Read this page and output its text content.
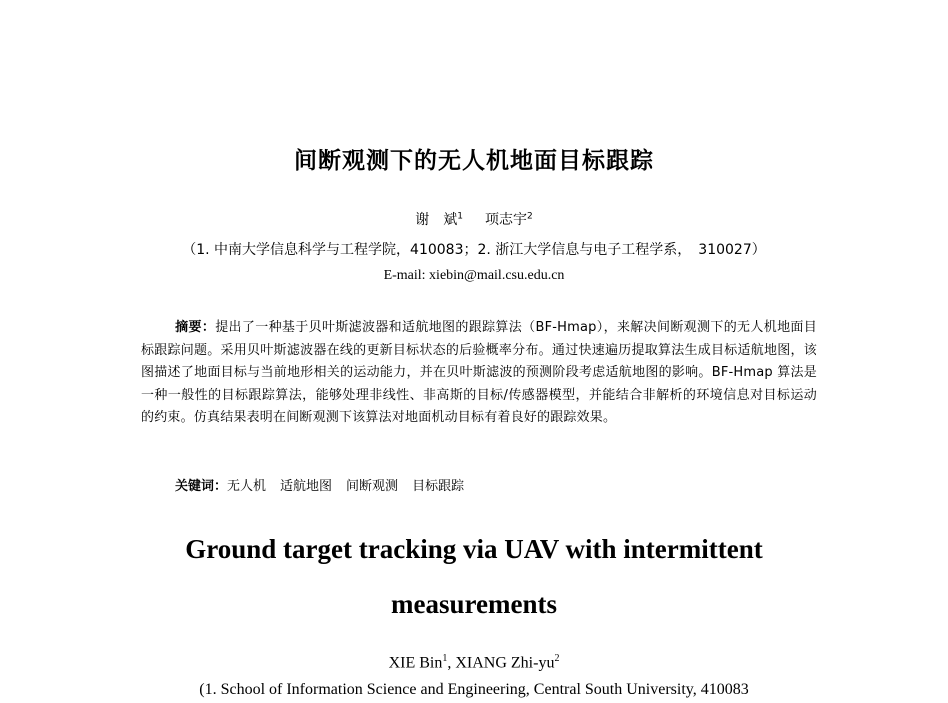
间断观测下的无人机地面目标跟踪
谢　斌$^1$ 项志宇$^2$
（1. 中南大学信息科学与工程学院，410083；2. 浙江大学信息与电子工程学系，　310027）
E-mail: xiebin@mail.csu.edu.cn
摘要：提出了一种基于贝叶斯滤波器和适航地图的跟踪算法（BF-Hmap），来解决间断观测下的无人机地面目标跟踪问题。采用贝叶斯滤波器在线的更新目标状态的后验概率分布。通过快速遍历提取算法生成目标适航地图，该图描述了地面目标与当前地形相关的运动能力，并在贝叶斯滤波的预测阶段考虑适航地图的影响。BF-Hmap 算法是一种一般性的目标跟踪算法，能够处理非线性、非高斯的目标/传感器模型，并能结合非解析的环境信息对目标运动的约束。仿真结果表明在间断观测下该算法对地面机动目标有着良好的跟踪效果。
关键词：无人机 适航地图 间断观测 目标跟踪
Ground target tracking via UAV with intermittent
measurements
XIE Bin$^1$, XIANG Zhi-$yu^2$
(1. School of Information Science and Engineering, Central South University, 410083
